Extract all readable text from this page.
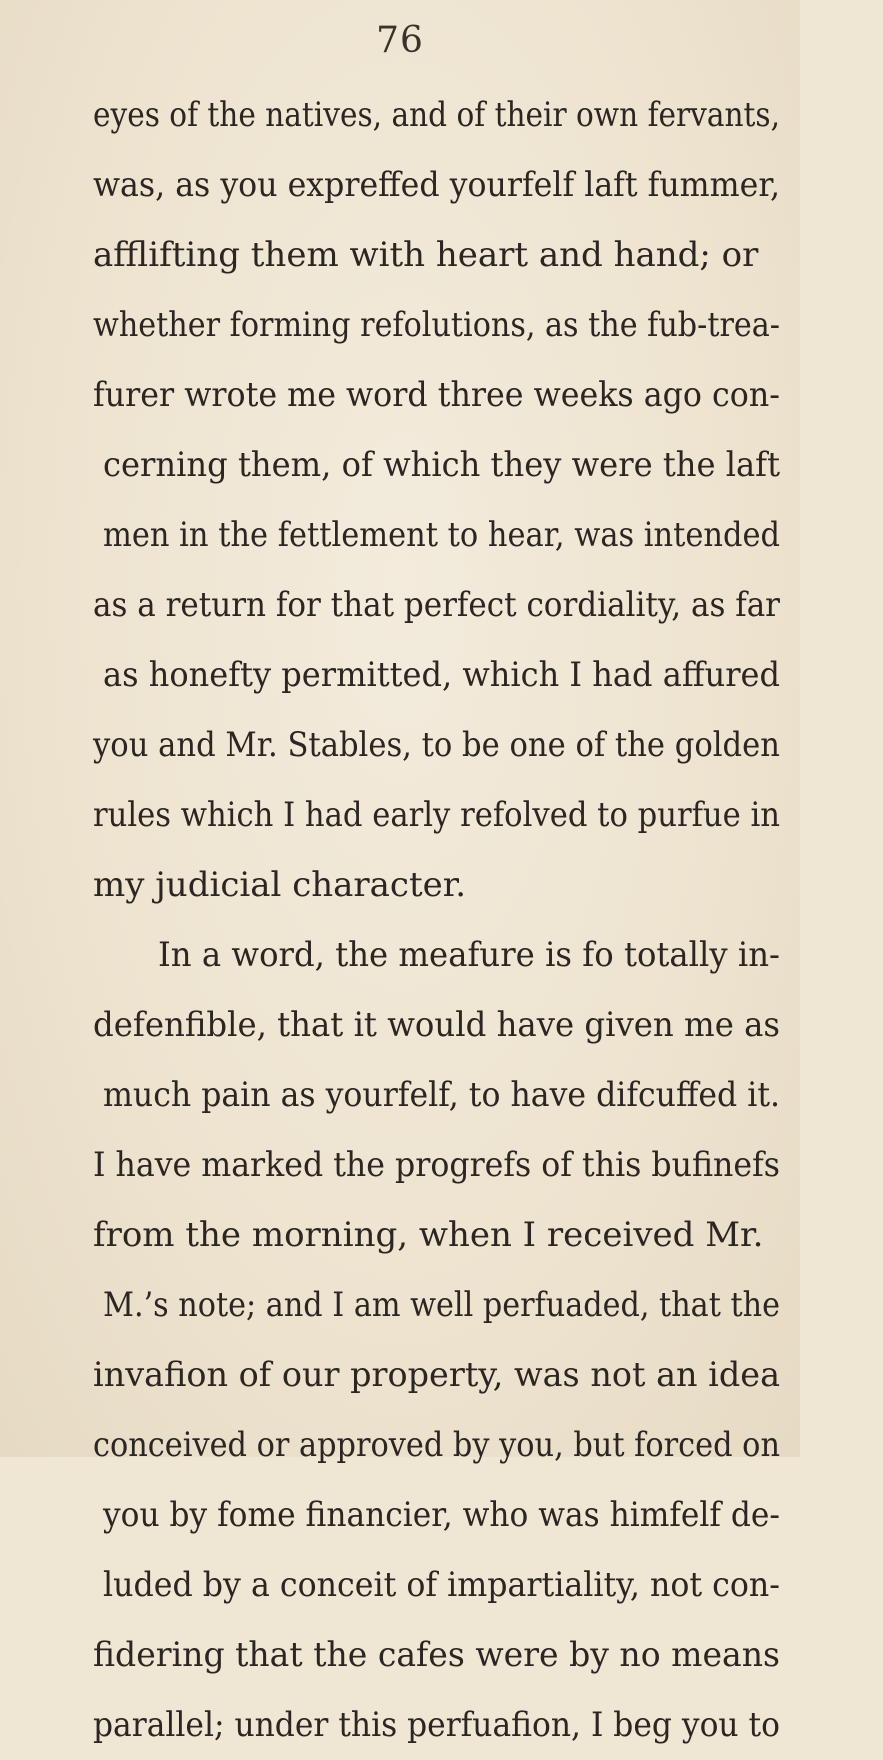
76
eyes of the natives, and of their own fervants,
was, as you expreffed yourfelf laft fummer,
afflifting them with heart and hand; or
whether forming refolutions, as the fub-trea-
furer wrote me word three weeks ago con-
cerning them, of which they were the laft
men in the fettlement to hear, was intended
as a return for that perfect cordiality, as far
as honefty permitted, which I had affured
you and Mr. Stables, to be one of the golden
rules which I had early refolved to purfue in
my judicial character.
In a word, the meafure is fo totally in-
defenfible, that it would have given me as
much pain as yourfelf, to have difcuffed it.
I have marked the progrefs of this bufinefs
from the morning, when I received Mr.
M.’s note; and I am well perfuaded, that the
invafion of our property, was not an idea
conceived or approved by you, but forced on
you by fome financier, who was himfelf de-
luded by a conceit of impartiality, not con-
fidering that the cafes were by no means
parallel; under this perfuafion, I beg you to
